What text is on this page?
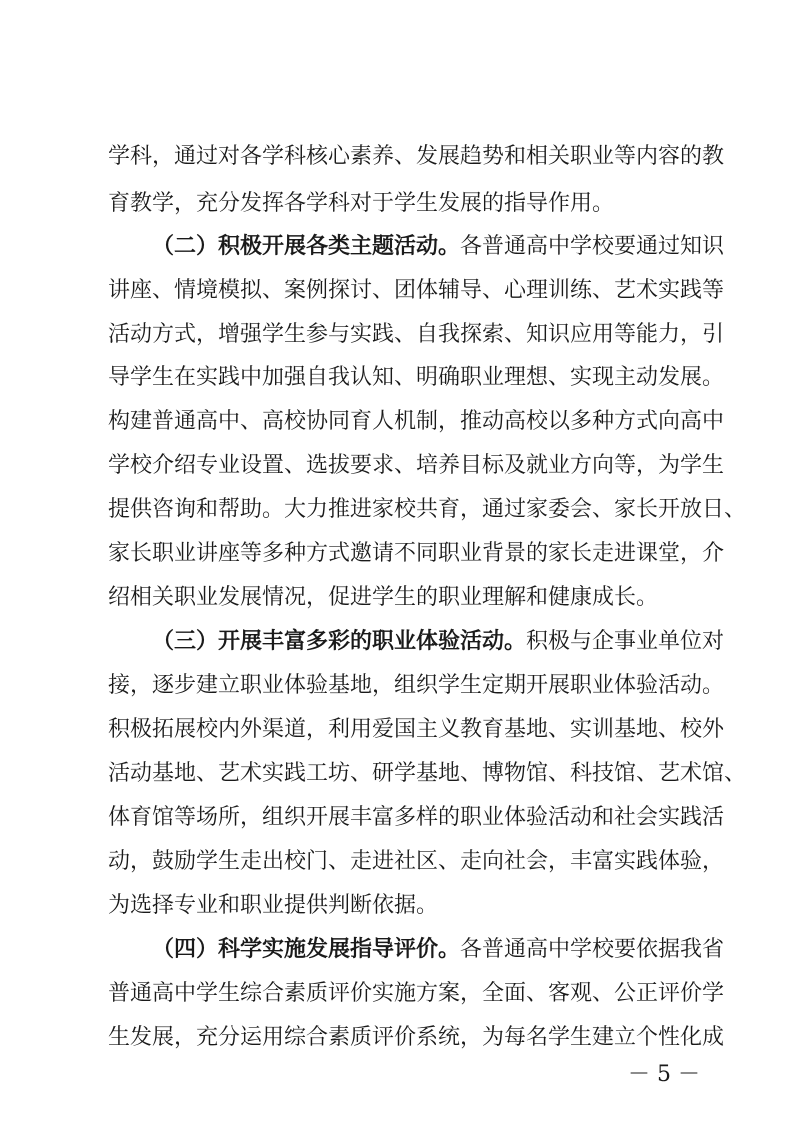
学科，通过对各学科核心素养、发展趋势和相关职业等内容的教
育教学，充分发挥各学科对于学生发展的指导作用。
（二）积极开展各类主题活动。各普通高中学校要通过知识
讲座、情境模拟、案例探讨、团体辅导、心理训练、艺术实践等
活动方式，增强学生参与实践、自我探索、知识应用等能力，引
导学生在实践中加强自我认知、明确职业理想、实现主动发展。
构建普通高中、高校协同育人机制，推动高校以多种方式向高中
学校介绍专业设置、选拔要求、培养目标及就业方向等，为学生
提供咨询和帮助。大力推进家校共育，通过家委会、家长开放日、
家长职业讲座等多种方式邀请不同职业背景的家长走进课堂，介
绍相关职业发展情况，促进学生的职业理解和健康成长。
（三）开展丰富多彩的职业体验活动。积极与企事业单位对
接，逐步建立职业体验基地，组织学生定期开展职业体验活动。
积极拓展校内外渠道，利用爱国主义教育基地、实训基地、校外
活动基地、艺术实践工坊、研学基地、博物馆、科技馆、艺术馆、
体育馆等场所，组织开展丰富多样的职业体验活动和社会实践活
动，鼓励学生走出校门、走进社区、走向社会，丰富实践体验，
为选择专业和职业提供判断依据。
（四）科学实施发展指导评价。各普通高中学校要依据我省
普通高中学生综合素质评价实施方案，全面、客观、公正评价学
生发展，充分运用综合素质评价系统，为每名学生建立个性化成
－ 5 －
